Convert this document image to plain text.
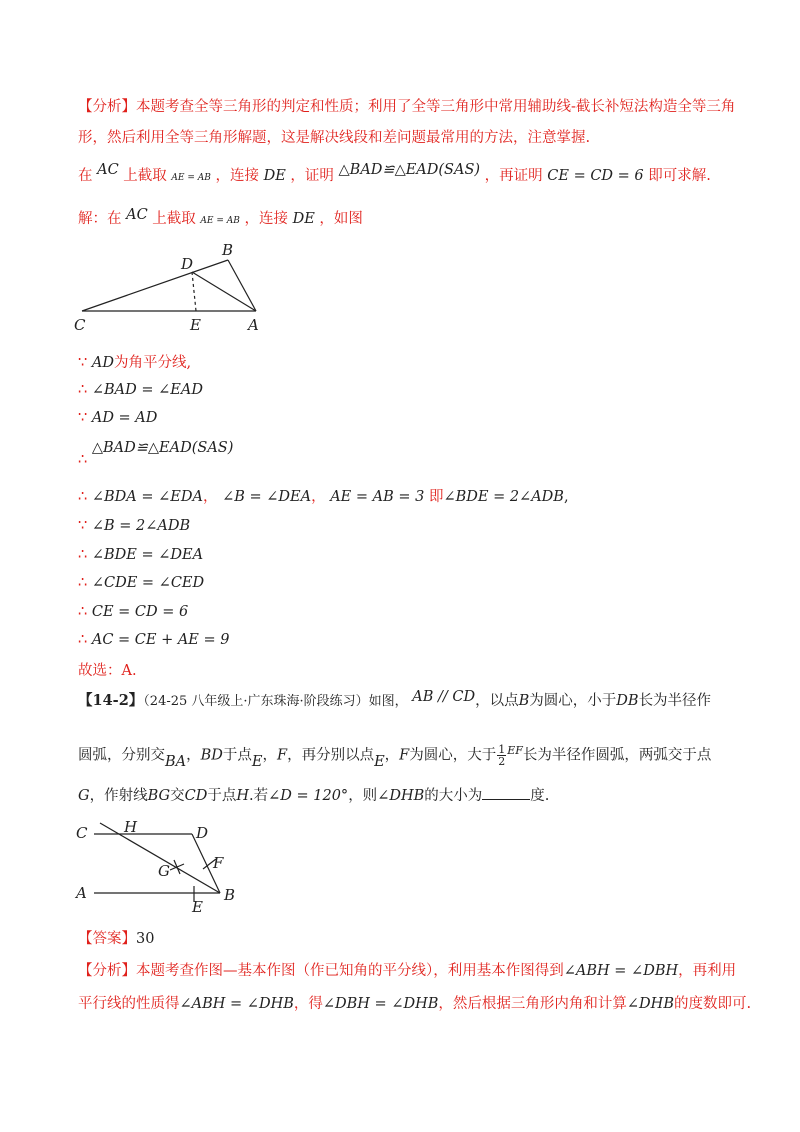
【分析】本题考查全等三角形的判定和性质；利用了全等三角形中常用辅助线-截长补短法构造全等三角
形，然后利用全等三角形解题，这是解决线段和差问题最常用的方法，注意掌握.
在 AC 上截取 AE = AB ，连接 DE ，证明 △BAD≌△EAD(SAS) ，再证明 CE = CD = 6 即可求解.
解：在 AC 上截取 AE = AB ，连接 DE ，如图
B
D
C	E	A
∵ AD为角平分线,
∴ ∠BAD = ∠EAD
∵ AD = AD
∴ △BAD≌△EAD(SAS)
∴ ∠BDA = ∠EDA， ∠B = ∠DEA， AE = AB = 3 即∠BDE = 2∠ADB,
∵ ∠B = 2∠ADB
∴ ∠BDE = ∠DEA
∴ ∠CDE = ∠CED
∴ CE = CD = 6
∴ AC = CE + AE = 9
故选：A.
【14-2】（24-25 八年级上·广东珠海·阶段练习）如图， AB // CD，以点B为圆心，小于DB长为半径作
圆弧，分别交BA，BD于点E，F，再分别以点E，F为圆心，大于 $\frac{1}{2} ^{EF}$长为半径作圆弧，两弧交于点
G，作射线BG交CD于点H.若∠D = 120°，则∠DHB的大小为	度.
C H	D
G	F
A
E
B
【答案】30
【分析】本题考查作图—基本作图（作已知角的平分线），利用基本作图得到∠ABH = ∠DBH，再利用
平行线的性质得∠ABH = ∠DHB，得∠DBH = ∠DHB，然后根据三角形内角和计算∠DHB的度数即可.
